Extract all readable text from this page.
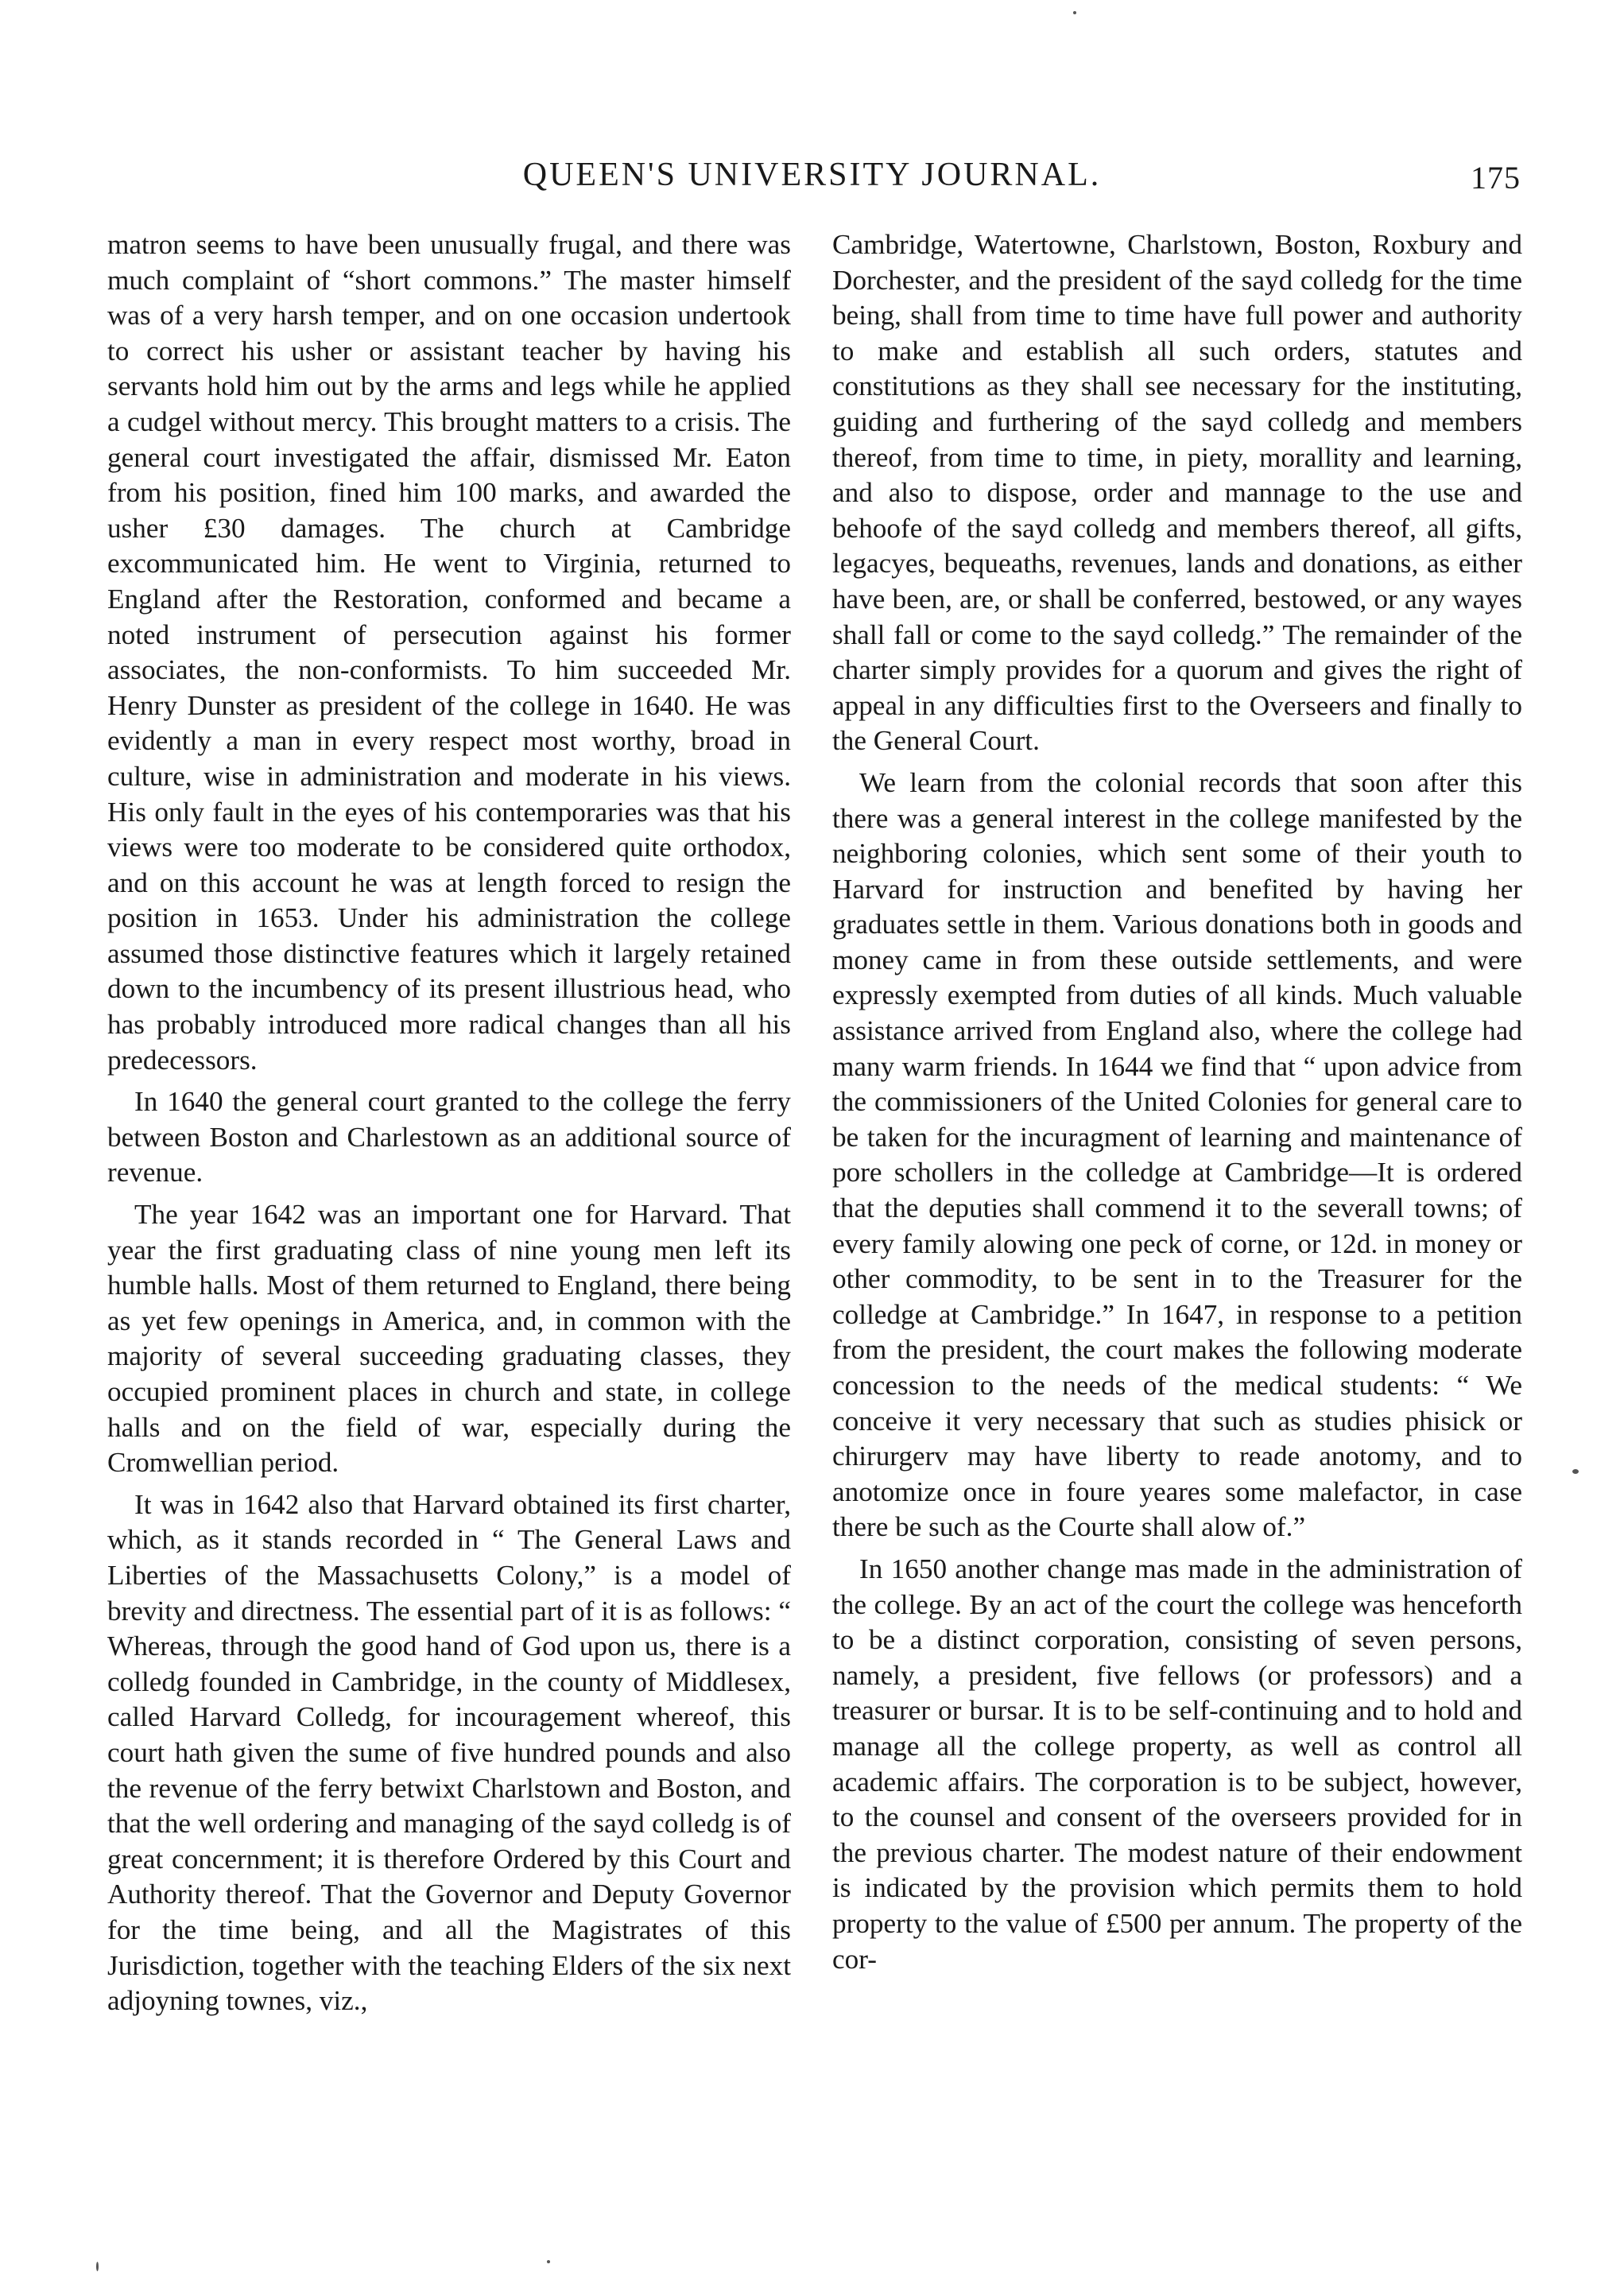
QUEEN'S UNIVERSITY JOURNAL.	175

matron seems to have been unusually frugal, and there was much complaint of “short commons.” The master himself was of a very harsh temper, and on one occasion undertook to correct his usher or assistant teacher by having his servants hold him out by the arms and legs while he applied a cudgel without mercy. This brought matters to a crisis. The general court investigated the affair, dismissed Mr. Eaton from his position, fined him 100 marks, and awarded the usher £30 damages. The church at Cambridge excommunicated him. He went to Virginia, returned to England after the Restoration, conformed and became a noted instrument of persecution against his former associates, the non-conformists. To him succeeded Mr. Henry Dunster as president of the college in 1640. He was evidently a man in every respect most worthy, broad in culture, wise in administration and moderate in his views. His only fault in the eyes of his contemporaries was that his views were too moderate to be considered quite orthodox, and on this account he was at length forced to resign the position in 1653. Under his administration the college assumed those distinctive features which it largely retained down to the incumbency of its present illustrious head, who has probably introduced more radical changes than all his predecessors.

In 1640 the general court granted to the college the ferry between Boston and Charlestown as an additional source of revenue.

The year 1642 was an important one for Harvard. That year the first graduating class of nine young men left its humble halls. Most of them returned to England, there being as yet few openings in America, and, in common with the majority of several succeeding graduating classes, they occupied prominent places in church and state, in college halls and on the field of war, especially during the Cromwellian period.

It was in 1642 also that Harvard obtained its first charter, which, as it stands recorded in “ The General Laws and Liberties of the Massachusetts Colony,” is a model of brevity and directness. The essential part of it is as follows: “ Whereas, through the good hand of God upon us, there is a colledg founded in Cambridge, in the county of Middlesex, called Harvard Colledg, for incouragement whereof, this court hath given the sume of five hundred pounds and also the revenue of the ferry betwixt Charlstown and Boston, and that the well ordering and managing of the sayd colledg is of great concernment; it is therefore Ordered by this Court and Authority thereof. That the Governor and Deputy Governor for the time being, and all the Magistrates of this Jurisdiction, together with the teaching Elders of the six next adjoyning townes, viz.,

Cambridge, Watertowne, Charlstown, Boston, Roxbury and Dorchester, and the president of the sayd colledg for the time being, shall from time to time have full power and authority to make and establish all such orders, statutes and constitutions as they shall see necessary for the instituting, guiding and furthering of the sayd colledg and members thereof, from time to time, in piety, morallity and learning, and also to dispose, order and mannage to the use and behoofe of the sayd colledg and members thereof, all gifts, legacyes, bequeaths, revenues, lands and donations, as either have been, are, or shall be conferred, bestowed, or any wayes shall fall or come to the sayd colledg.” The remainder of the charter simply provides for a quorum and gives the right of appeal in any difficulties first to the Overseers and finally to the General Court.

We learn from the colonial records that soon after this there was a general interest in the college manifested by the neighboring colonies, which sent some of their youth to Harvard for instruction and benefited by having her graduates settle in them. Various donations both in goods and money came in from these outside settlements, and were expressly exempted from duties of all kinds. Much valuable assistance arrived from England also, where the college had many warm friends. In 1644 we find that “ upon advice from the commissioners of the United Colonies for general care to be taken for the incuragment of learning and maintenance of pore schollers in the colledge at Cambridge—It is ordered that the deputies shall commend it to the severall towns; of every family alowing one peck of corne, or 12d. in money or other commodity, to be sent in to the Treasurer for the colledge at Cambridge.” In 1647, in response to a petition from the president, the court makes the following moderate concession to the needs of the medical students: “ We conceive it very necessary that such as studies phisick or chirurgerv may have liberty to reade anotomy, and to anotomize once in foure yeares some malefactor, in case there be such as the Courte shall alow of.”

In 1650 another change mas made in the administration of the college. By an act of the court the college was henceforth to be a distinct corporation, consisting of seven persons, namely, a president, five fellows (or professors) and a treasurer or bursar. It is to be self-continuing and to hold and manage all the college property, as well as control all academic affairs. The corporation is to be subject, however, to the counsel and consent of the overseers provided for in the previous charter. The modest nature of their endowment is indicated by the provision which permits them to hold property to the value of £500 per annum. The property of the cor-
